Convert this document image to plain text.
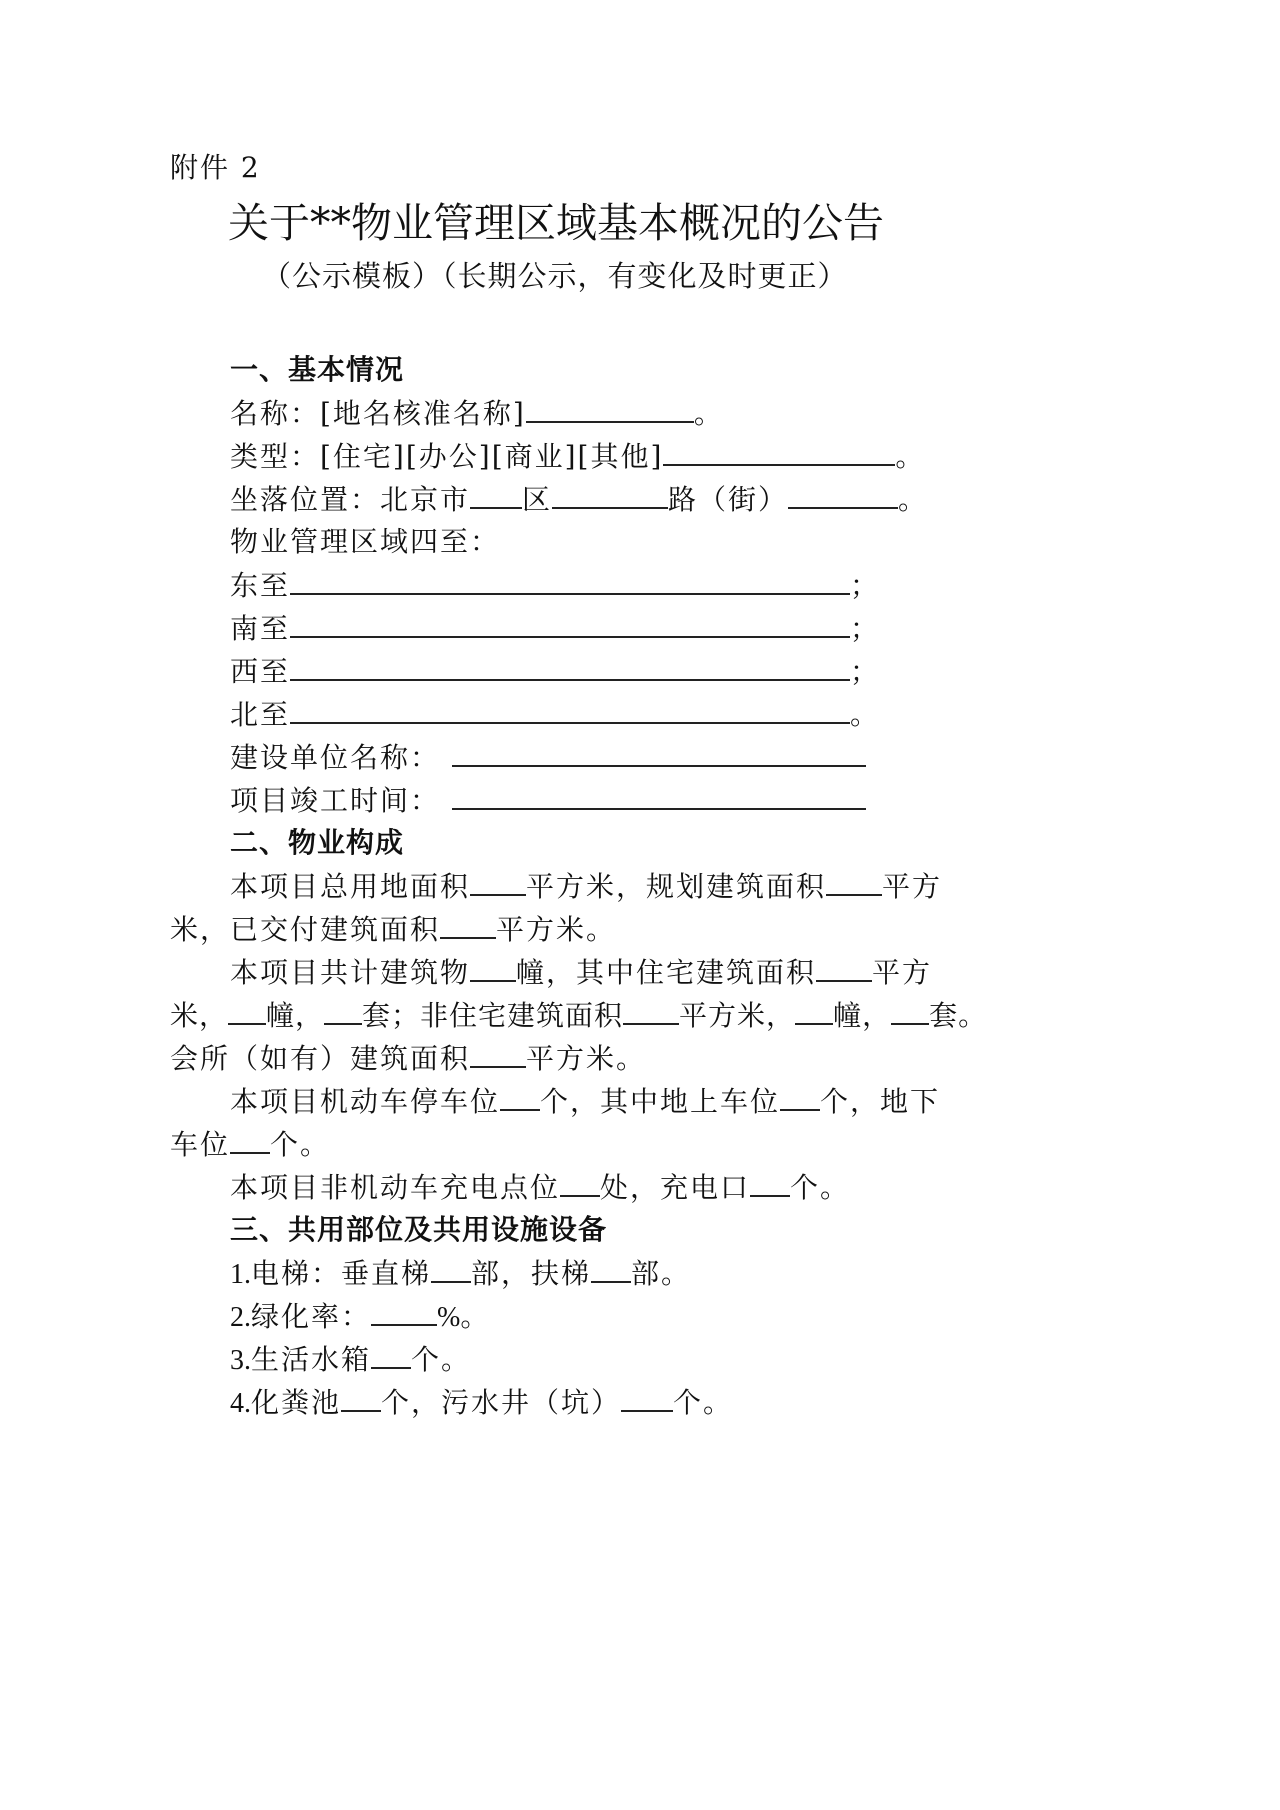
附件 2
关于**物业管理区域基本概况的公告
（公示模板）（长期公示，有变化及时更正）
一、基本情况
名称：[地名核准名称]	。
类型：[住宅][办公][商业][其他]	。
坐落位置：北京市 区	路（街）	。
物业管理区域四至：
东至	；
南至	；
西至	；
北至	。
建设单位名称：
项目竣工时间：
二、物业构成
本项目总用地面积 平方米，规划建筑面积 平方
米，已交付建筑面积 平方米。
本项目共计建筑物 幢，其中住宅建筑面积 平方
米， 幢， 套；非住宅建筑面积 平方米， 幢， 套。
会所（如有）建筑面积 平方米。
本项目机动车停车位 个，其中地上车位 个，地下
车位 个。
本项目非机动车充电点位 处，充电口 个。
三、共用部位及共用设施设备
1.电梯：垂直梯 部，扶梯 部。
2.绿化率： %。
3.生活水箱 个。
4.化粪池 个，污水井（坑） 个。
